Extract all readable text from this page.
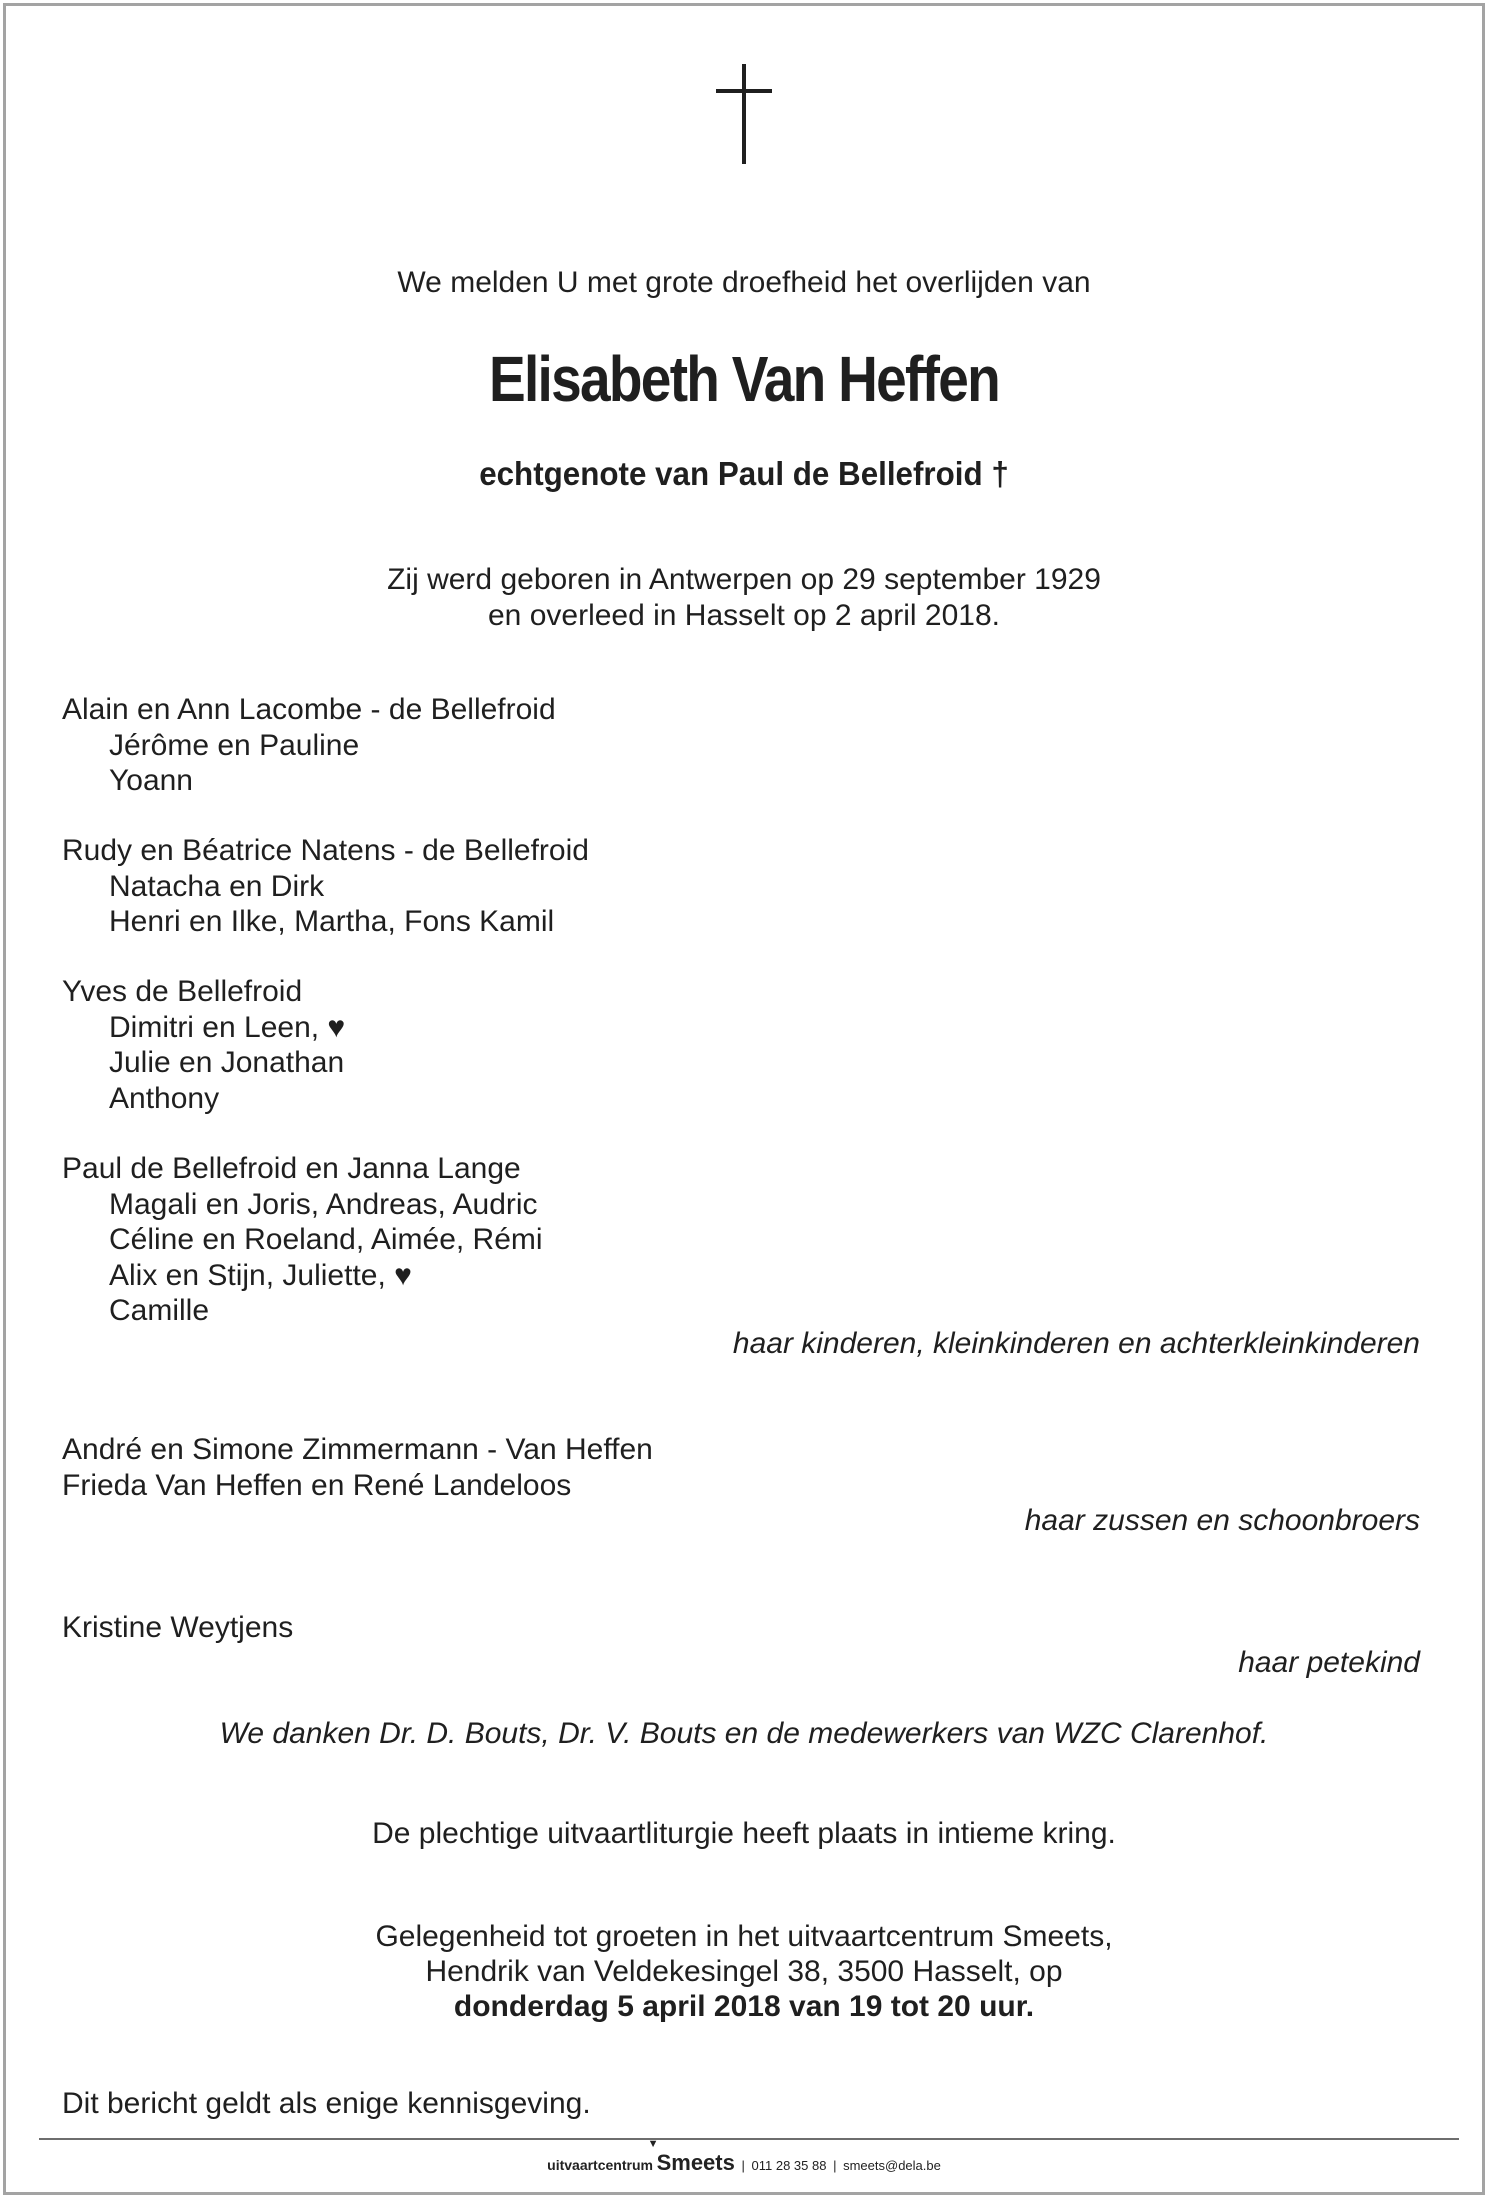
We melden U met grote droefheid het overlijden van
Elisabeth Van Heffen
echtgenote van Paul de Bellefroid †
Zij werd geboren in Antwerpen op 29 september 1929
en overleed in Hasselt op 2 april 2018.
Alain en Ann Lacombe - de Bellefroid
Jérôme en Pauline
Yoann
Rudy en Béatrice Natens - de Bellefroid
Natacha en Dirk
Henri en Ilke, Martha, Fons Kamil
Yves de Bellefroid
Dimitri en Leen, ♥
Julie en Jonathan
Anthony
Paul de Bellefroid en Janna Lange
Magali en Joris, Andreas, Audric
Céline en Roeland, Aimée, Rémi
Alix en Stijn, Juliette, ♥
Camille
haar kinderen, kleinkinderen en achterkleinkinderen
André en Simone Zimmermann - Van Heffen
Frieda Van Heffen en René Landeloos
haar zussen en schoonbroers
Kristine Weytjens
haar petekind
We danken Dr. D. Bouts, Dr. V. Bouts en de medewerkers van WZC Clarenhof.
De plechtige uitvaartliturgie heeft plaats in intieme kring.
Gelegenheid tot groeten in het uitvaartcentrum Smeets,
Hendrik van Veldekesingel 38, 3500 Hasselt, op
donderdag 5 april 2018 van 19 tot 20 uur.
Dit bericht geldt als enige kennisgeving.
uitvaartcentrum
▼
Smeets | 011 28 35 88 | smeets@dela.be
